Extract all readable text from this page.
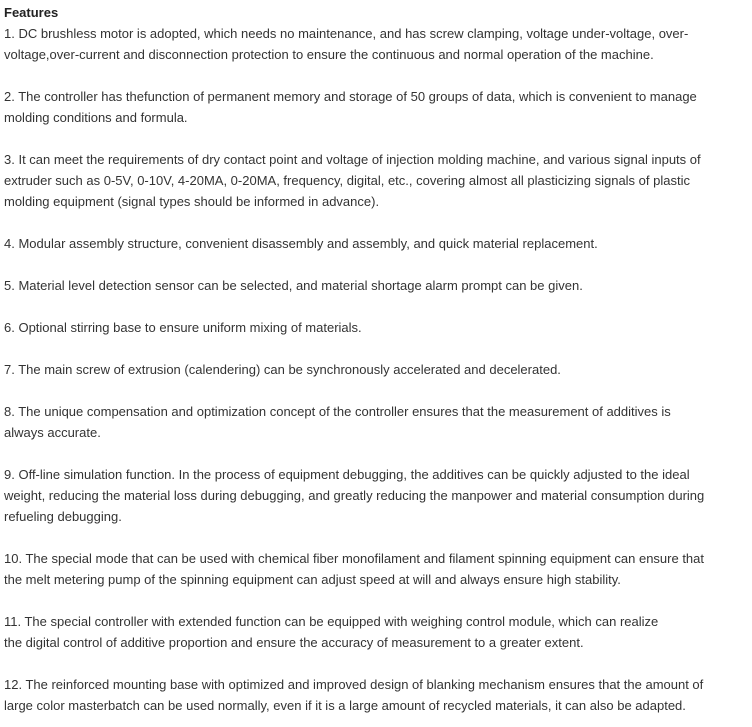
Features
1. DC brushless motor is adopted, which needs no maintenance, and has screw clamping, voltage under-voltage, over-
voltage,over-current and disconnection protection to ensure the continuous and normal operation of the machine.
2. The controller has thefunction of permanent memory and storage of 50 groups of data, which is convenient to manage
molding conditions and formula.
3. It can meet the requirements of dry contact point and voltage of injection molding machine, and various signal inputs of
extruder such as 0-5V, 0-10V, 4-20MA, 0-20MA, frequency, digital, etc., covering almost all plasticizing signals of plastic
molding equipment (signal types should be informed in advance).
4. Modular assembly structure, convenient disassembly and assembly, and quick material replacement.
5. Material level detection sensor can be selected, and material shortage alarm prompt can be given.
6. Optional stirring base to ensure uniform mixing of materials.
7. The main screw of extrusion (calendering) can be synchronously accelerated and decelerated.
8. The unique compensation and optimization concept of the controller ensures that the measurement of additives is
always accurate.
9. Off-line simulation function. In the process of equipment debugging, the additives can be quickly adjusted to the ideal
weight, reducing the material loss during debugging, and greatly reducing the manpower and material consumption during
refueling debugging.
10. The special mode that can be used with chemical fiber monofilament and filament spinning equipment can ensure that
the melt metering pump of the spinning equipment can adjust speed at will and always ensure high stability.
11. The special controller with extended function can be equipped with weighing control module, which can realize
the digital control of additive proportion and ensure the accuracy of measurement to a greater extent.
12. The reinforced mounting base with optimized and improved design of blanking mechanism ensures that the amount of
large color masterbatch can be used normally, even if it is a large amount of recycled materials, it can also be adapted.
